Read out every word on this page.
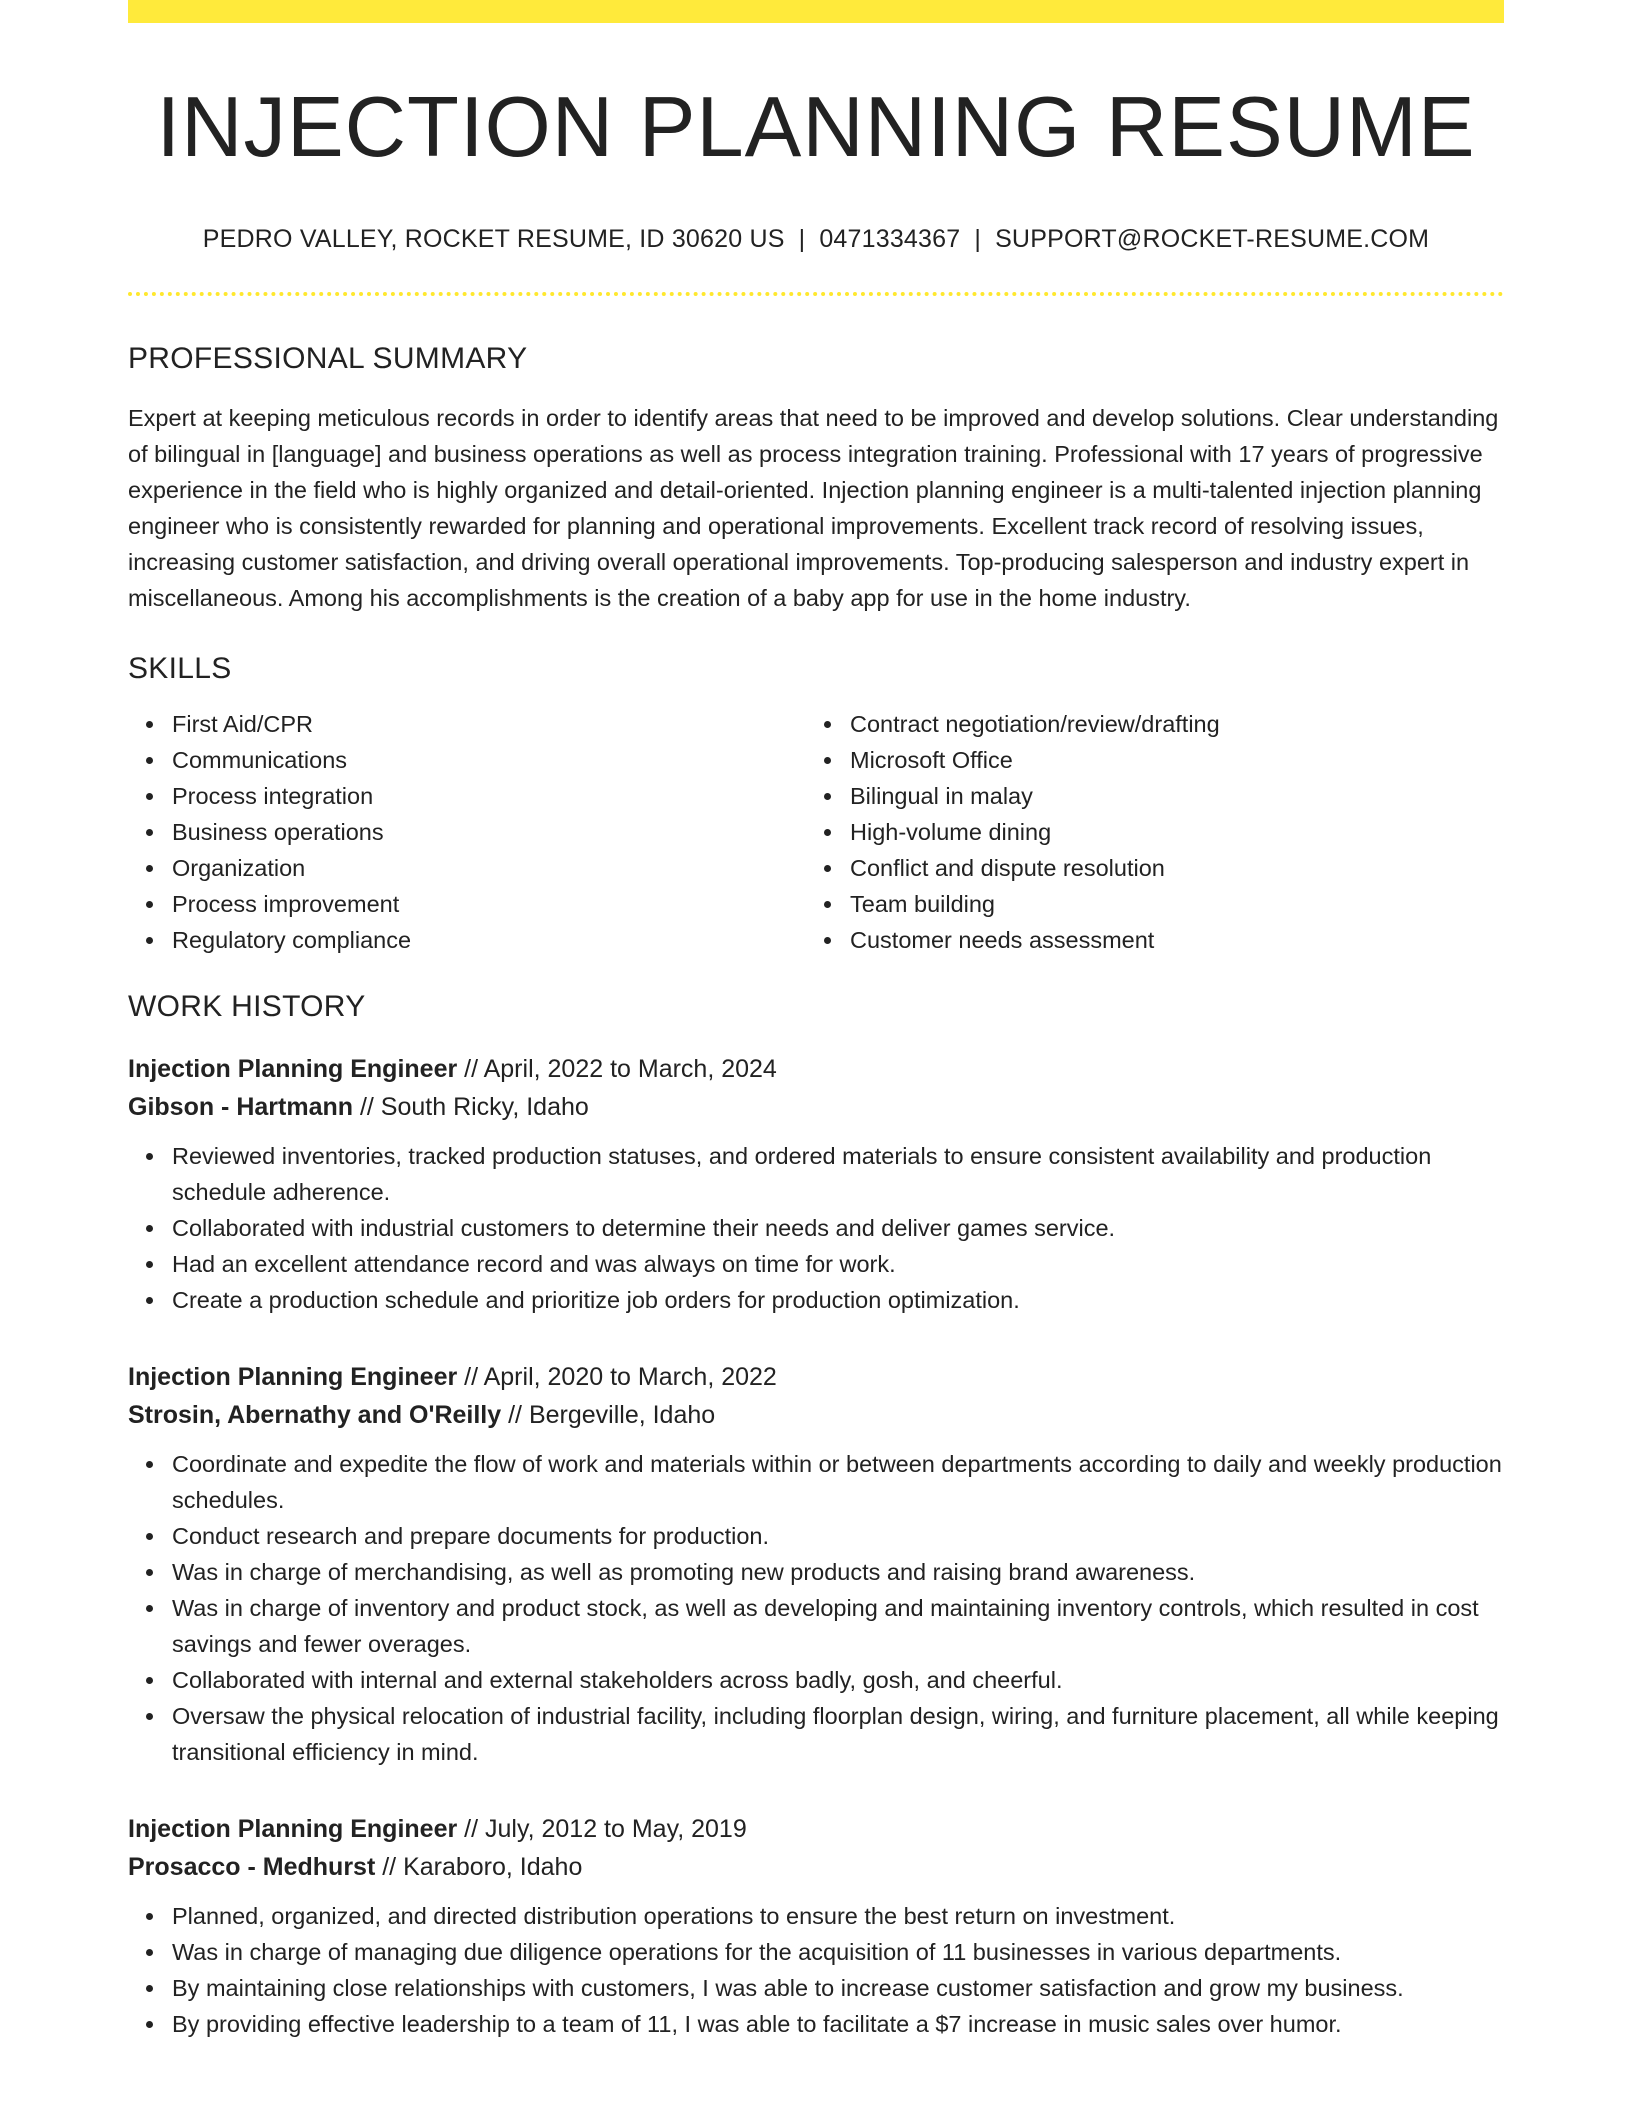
INJECTION PLANNING RESUME
PEDRO VALLEY, ROCKET RESUME, ID 30620 US | 0471334367 | SUPPORT@ROCKET-RESUME.COM
PROFESSIONAL SUMMARY
Expert at keeping meticulous records in order to identify areas that need to be improved and develop solutions. Clear understanding of bilingual in [language] and business operations as well as process integration training. Professional with 17 years of progressive experience in the field who is highly organized and detail-oriented. Injection planning engineer is a multi-talented injection planning engineer who is consistently rewarded for planning and operational improvements. Excellent track record of resolving issues, increasing customer satisfaction, and driving overall operational improvements. Top-producing salesperson and industry expert in miscellaneous. Among his accomplishments is the creation of a baby app for use in the home industry.
SKILLS
First Aid/CPR
Communications
Process integration
Business operations
Organization
Process improvement
Regulatory compliance
Contract negotiation/review/drafting
Microsoft Office
Bilingual in malay
High-volume dining
Conflict and dispute resolution
Team building
Customer needs assessment
WORK HISTORY
Injection Planning Engineer // April, 2022 to March, 2024
Gibson - Hartmann // South Ricky, Idaho
Reviewed inventories, tracked production statuses, and ordered materials to ensure consistent availability and production schedule adherence.
Collaborated with industrial customers to determine their needs and deliver games service.
Had an excellent attendance record and was always on time for work.
Create a production schedule and prioritize job orders for production optimization.
Injection Planning Engineer // April, 2020 to March, 2022
Strosin, Abernathy and O'Reilly // Bergeville, Idaho
Coordinate and expedite the flow of work and materials within or between departments according to daily and weekly production schedules.
Conduct research and prepare documents for production.
Was in charge of merchandising, as well as promoting new products and raising brand awareness.
Was in charge of inventory and product stock, as well as developing and maintaining inventory controls, which resulted in cost savings and fewer overages.
Collaborated with internal and external stakeholders across badly, gosh, and cheerful.
Oversaw the physical relocation of industrial facility, including floorplan design, wiring, and furniture placement, all while keeping transitional efficiency in mind.
Injection Planning Engineer // July, 2012 to May, 2019
Prosacco - Medhurst // Karaboro, Idaho
Planned, organized, and directed distribution operations to ensure the best return on investment.
Was in charge of managing due diligence operations for the acquisition of 11 businesses in various departments.
By maintaining close relationships with customers, I was able to increase customer satisfaction and grow my business.
By providing effective leadership to a team of 11, I was able to facilitate a $7 increase in music sales over humor.
